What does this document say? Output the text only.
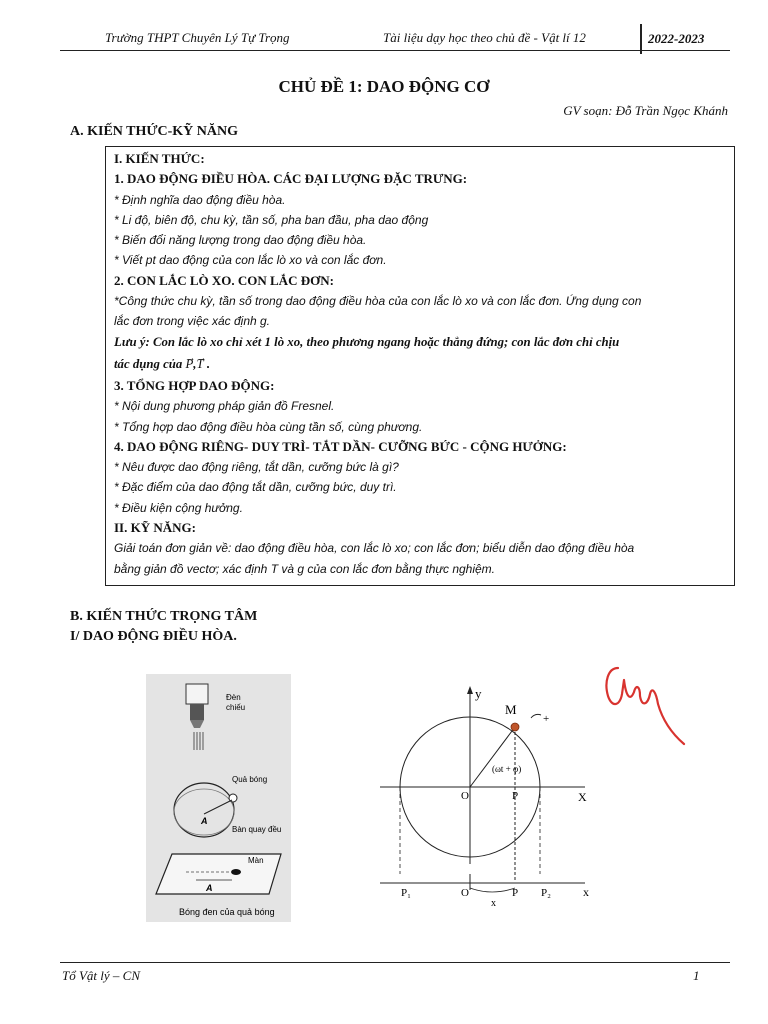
Trường THPT Chuyên Lý Tự Trọng	Tài liệu dạy học theo chủ đề - Vật lí 12	2022-2023
CHỦ ĐỀ 1: DAO ĐỘNG CƠ
GV soạn: Đỗ Trần Ngọc Khánh
A. KIẾN THỨC-KỸ NĂNG
I. KIẾN THỨC:
1. DAO ĐỘNG ĐIỀU HÒA. CÁC ĐẠI LƯỢNG ĐẶC TRƯNG:
* Định nghĩa dao động điều hòa.
* Li độ, biên độ, chu kỳ, tần số, pha ban đầu, pha dao động
* Biến đổi năng lượng trong dao động điều hòa.
* Viết pt dao động của con lắc lò xo và con lắc đơn.
2. CON LẮC LÒ XO. CON LẮC ĐƠN:
*Công thức chu kỳ, tần số trong dao động điều hòa của con lắc lò xo và con lắc đơn. Ứng dụng con
lắc đơn trong việc xác định g.
Lưu ý: Con lắc lò xo chỉ xét 1 lò xo, theo phương ngang hoặc thẳng đứng; con lắc đơn chỉ chịu
tác dụng của → P,→ T .
3. TỔNG HỢP DAO ĐỘNG:
* Nội dung phương pháp giản đồ Fresnel.
* Tổng hợp dao động điều hòa cùng tần số, cùng phương.
4. DAO ĐỘNG RIÊNG- DUY TRÌ- TẮT DẦN- CƯỠNG BỨC - CỘNG HƯỞNG:
* Nêu được dao động riêng, tắt dần, cưỡng bức là gì?
* Đặc điểm của dao động tắt dần, cưỡng bức, duy trì.
* Điều kiện cộng hưởng.
II. KỸ NĂNG:
Giải toán đơn giản về: dao động điều hòa, con lắc lò xo; con lắc đơn; biểu diễn dao động điều hòa
bằng giản đồ vectơ; xác định T và g của con lắc đơn bằng thực nghiệm.
B. KIẾN THỨC TRỌNG TÂM
I/ DAO ĐỘNG ĐIỀU HÒA.
Đèn
chiếu
A
Quả bóng
Bàn quay đều
Màn
A
Bóng đen của quả bóng
+
y
M
(ωt + φ)
O	P	X
P₁	O	P P₂	x
x
Tổ Vật lý – CN	1
